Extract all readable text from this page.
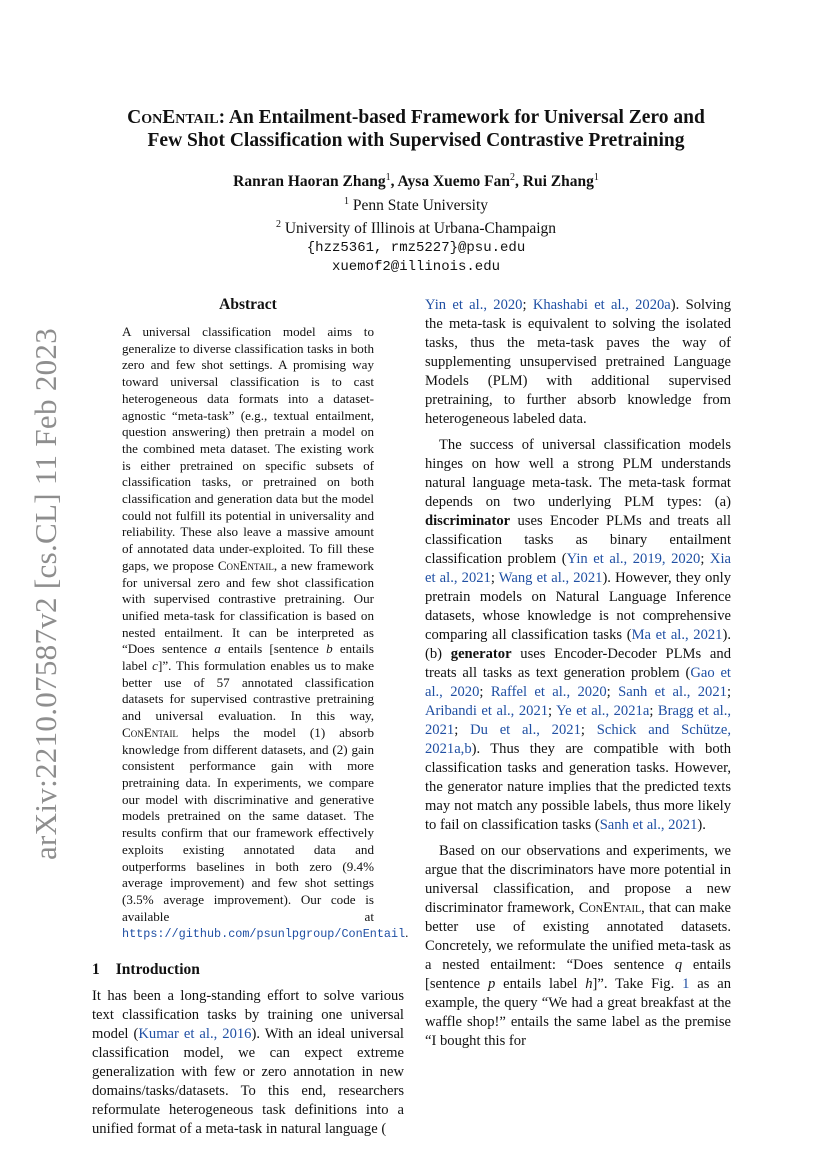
arXiv:2210.07587v2 [cs.CL] 11 Feb 2023
ConEntail: An Entailment-based Framework for Universal Zero and
Few Shot Classification with Supervised Contrastive Pretraining
Ranran Haoran Zhang$^1$, Aysa Xuemo Fan$^2$, Rui Zhang$^1$
$^1$ Penn State University
$^2$ University of Illinois at Urbana-Champaign
{hzz5361, rmz5227}@psu.edu
xuemof2@illinois.edu
Abstract
A universal classification model aims to generalize to diverse classification tasks in both zero and few shot settings. A promising way toward universal classification is to cast heterogeneous data formats into a dataset-agnostic “meta-task” (e.g., textual entailment, question answering) then pretrain a model on the combined meta dataset. The existing work is either pretrained on specific subsets of classification tasks, or pretrained on both classification and generation data but the model could not fulfill its potential in universality and reliability. These also leave a massive amount of annotated data under-exploited. To fill these gaps, we propose ConEntail, a new framework for universal zero and few shot classification with supervised contrastive pretraining. Our unified meta-task for classification is based on nested entailment. It can be interpreted as “Does sentence a entails [sentence b entails label c]”. This formulation enables us to make better use of 57 annotated classification datasets for supervised contrastive pretraining and universal evaluation. In this way, ConEntail helps the model (1) absorb knowledge from different datasets, and (2) gain consistent performance gain with more pretraining data. In experiments, we compare our model with discriminative and generative models pretrained on the same dataset. The results confirm that our framework effectively exploits existing annotated data and outperforms baselines in both zero (9.4% average improvement) and few shot settings (3.5% average improvement). Our code is available at https://github.com/psunlpgroup/ConEntail.
1 Introduction

It has been a long-standing effort to solve various text classification tasks by training one universal model (Kumar et al., 2016). With an ideal universal classification model, we can expect extreme generalization with few or zero annotation in new domains/tasks/datasets. To this end, researchers reformulate heterogeneous task definitions into a unified format of a meta-task in natural language (

Yin et al., 2020; Khashabi et al., 2020a). Solving the meta-task is equivalent to solving the isolated tasks, thus the meta-task paves the way of supplementing unsupervised pretrained Language Models (PLM) with additional supervised pretraining, to further absorb knowledge from heterogeneous labeled data.

The success of universal classification models hinges on how well a strong PLM understands natural language meta-task. The meta-task format depends on two underlying PLM types: (a) discriminator uses Encoder PLMs and treats all classification tasks as binary entailment classification problem (Yin et al., 2019, 2020; Xia et al., 2021; Wang et al., 2021). However, they only pretrain models on Natural Language Inference datasets, whose knowledge is not comprehensive comparing all classification tasks (Ma et al., 2021). (b) generator uses Encoder-Decoder PLMs and treats all tasks as text generation problem (Gao et al., 2020; Raffel et al., 2020; Sanh et al., 2021; Aribandi et al., 2021; Ye et al., 2021a; Bragg et al., 2021; Du et al., 2021; Schick and Schütze, 2021a,b). Thus they are compatible with both classification tasks and generation tasks. However, the generator nature implies that the predicted texts may not match any possible labels, thus more likely to fail on classification tasks (Sanh et al., 2021).

Based on our observations and experiments, we argue that the discriminators have more potential in universal classification, and propose a new discriminator framework, ConEntail, that can make better use of existing annotated datasets. Concretely, we reformulate the unified meta-task as a nested entailment: “Does sentence q entails [sentence p entails label h]”. Take Fig. 1 as an example, the query “We had a great breakfast at the waffle shop!” entails the same label as the premise “I bought this for
